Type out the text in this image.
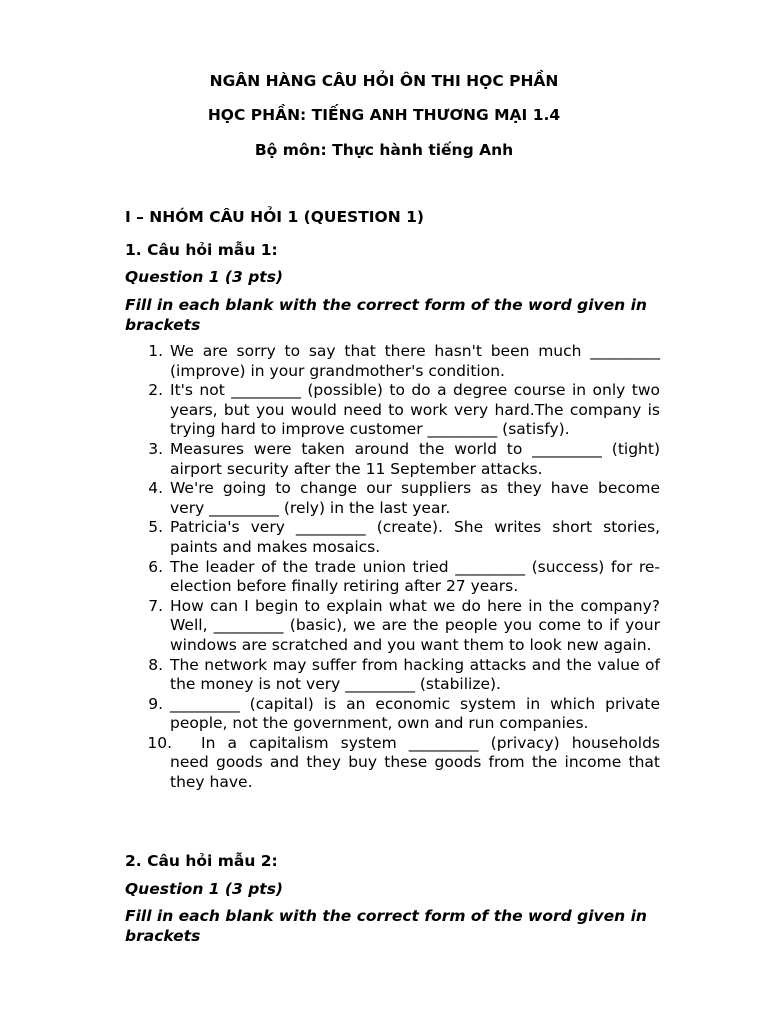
NGÂN HÀNG CÂU HỎI ÔN THI HỌC PHẦN
HỌC PHẦN: TIẾNG ANH THƯƠNG MẠI 1.4
Bộ môn: Thực hành tiếng Anh
I – NHÓM CÂU HỎI 1 (QUESTION 1)
1. Câu hỏi mẫu 1:
Question 1 (3 pts)
Fill in each blank with the correct form of the word given in brackets
1. We are sorry to say that there hasn't been much _________ (improve) in your grandmother's condition.
2. It's not _________ (possible) to do a degree course in only two years, but you would need to work very hard.The company is trying hard to improve customer _________ (satisfy).
3. Measures were taken around the world to _________ (tight) airport security after the 11 September attacks.
4. We're going to change our suppliers as they have become very _________ (rely) in the last year.
5. Patricia's very _________ (create). She writes short stories, paints and makes mosaics.
6. The leader of the trade union tried _________ (success) for re-election before finally retiring after 27 years.
7. How can I begin to explain what we do here in the company? Well, _________ (basic), we are the people you come to if your windows are scratched and you want them to look new again.
8. The network may suffer from hacking attacks and the value of the money is not very _________ (stabilize).
9. _________ (capital) is an economic system in which private people, not the government, own and run companies.
10.
   In a capitalism system _________ (privacy) households need goods and they buy these goods from the income that they have.
2. Câu hỏi mẫu 2:
Question 1 (3 pts)
Fill in each blank with the correct form of the word given in brackets
